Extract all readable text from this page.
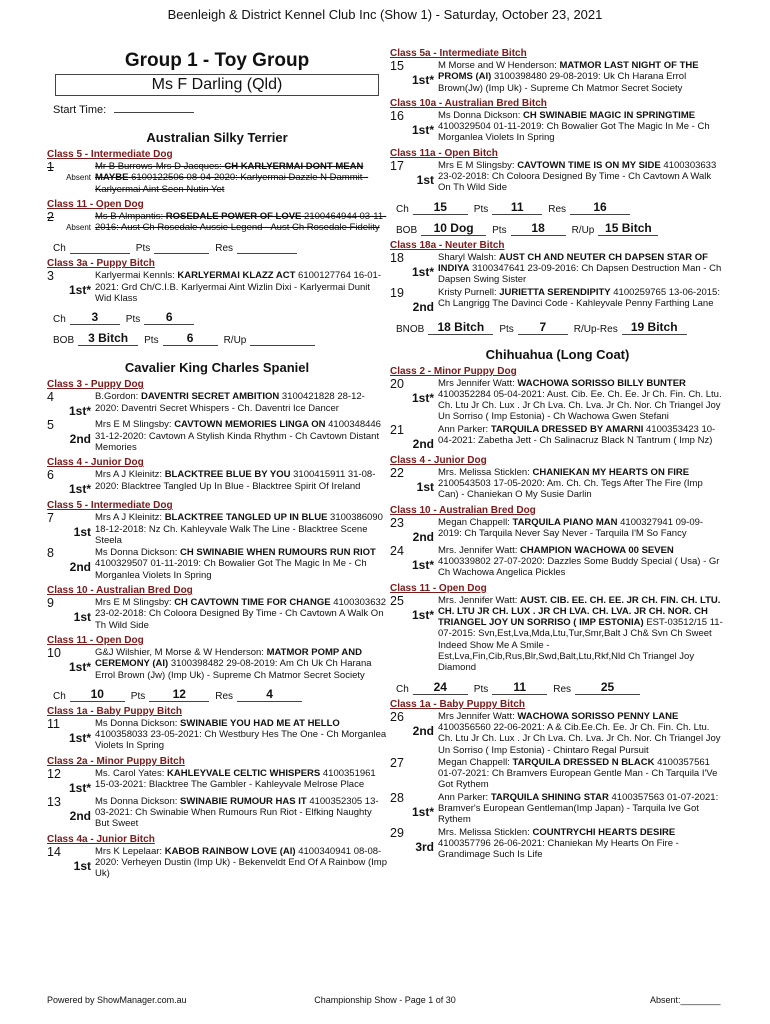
Beenleigh & District Kennel Club Inc (Show 1) - Saturday, October 23, 2021
Group 1 - Toy Group
Ms F Darling (Qld)
Start Time:
Australian Silky Terrier
Class 5 - Intermediate Dog
1
Absent
Mr B Burrows-Mrs D Jacques: CH KARLYERMAI DONT MEAN MAYBE 6100122506 08-04-2020: Karlyermai Dazzle N Dammit - Karlyermai Aint Seen Nutin Yet
Class 11 - Open Dog
2
Absent
Ms B Almpantis: ROSEDALE POWER OF LOVE 2100464944 03-11-2016: Aust Ch Rosedale Aussie Legend - Aust Ch Rosedale Fidelity
Ch
	Pts
	Res

Class 3a - Puppy Bitch
3
1st*
Karlyermai Kennls: KARLYERMAI KLAZZ ACT 6100127764 16-01-2021: Grd Ch/C.I.B. Karlyermai Aint Wizlin Dixi - Karlyermai Dunit Wid Klass
Ch	3	Pts	6
BOB	3 Bitch	Pts	6	R/Up

Cavalier King Charles Spaniel
Class 3 - Puppy Dog
4
1st*
B.Gordon: DAVENTRI SECRET AMBITION 3100421828 28-12-2020: Daventri Secret Whispers - Ch. Daventri Ice Dancer
5
2nd
Mrs E M Slingsby: CAVTOWN MEMORIES LINGA ON 4100348446 31-12-2020: Cavtown A Stylish Kinda Rhythm - Ch Cavtown Distant Memories
Class 4 - Junior Dog
6
1st*
Mrs A J Kleinitz: BLACKTREE BLUE BY YOU 3100415911 31-08-2020: Blacktree Tangled Up In Blue - Blacktree Spirit Of Ireland
Class 5 - Intermediate Dog
7
1st
Mrs A J Kleinitz: BLACKTREE TANGLED UP IN BLUE 3100386090 18-12-2018: Nz Ch. Kahleyvale Walk The Line - Blacktree Scene Steela
8
2nd
Ms Donna Dickson: CH SWINABIE WHEN RUMOURS RUN RIOT 4100329507 01-11-2019: Ch Bowalier Got The Magic In Me - Ch Morganlea Violets In Spring
Class 10 - Australian Bred Dog
9
1st
Mrs E M Slingsby: CH CAVTOWN TIME FOR CHANGE 4100303632 23-02-2018: Ch Coloora Designed By Time - Ch Cavtown A Walk On Th Wild Side
Class 11 - Open Dog
10
1st*
G&J Wilshier, M Morse & W Henderson: MATMOR POMP AND CEREMONY (AI) 3100398482 29-08-2019: Am Ch Uk Ch Harana Errol Brown (Jw) (Imp Uk) - Supreme Ch Matmor Secret Society
Ch	10	Pts	12	Res	4
Class 1a - Baby Puppy Bitch
11
1st*
Ms Donna Dickson: SWINABIE YOU HAD ME AT HELLO 4100358033 23-05-2021: Ch Westbury Hes The One - Ch Morganlea Violets In Spring
Class 2a - Minor Puppy Bitch
12
1st*
Ms. Carol Yates: KAHLEYVALE CELTIC WHISPERS 4100351961 15-03-2021: Blacktree The Gambler - Kahleyvale Melrose Place
13
2nd
Ms Donna Dickson: SWINABIE RUMOUR HAS IT 4100352305 13-03-2021: Ch Swinabie When Rumours Run Riot - Elfking Naughty But Sweet
Class 4a - Junior Bitch
14
1st
Mrs K Lepelaar: KABOB RAINBOW LOVE (AI) 4100340941 08-08-2020: Verheyen Dustin (Imp Uk) - Bekenveldt End Of A Rainbow (Imp Uk)
Class 5a - Intermediate Bitch
15
1st*
M Morse and W Henderson: MATMOR LAST NIGHT OF THE PROMS (AI) 3100398480 29-08-2019: Uk Ch Harana Errol Brown(Jw) (Imp Uk) - Supreme Ch Matmor Secret Society
Class 10a - Australian Bred Bitch
16
1st*
Ms Donna Dickson: CH SWINABIE MAGIC IN SPRINGTIME 4100329504 01-11-2019: Ch Bowalier Got The Magic In Me - Ch Morganlea Violets In Spring
Class 11a - Open Bitch
17
1st
Mrs E M Slingsby: CAVTOWN TIME IS ON MY SIDE 4100303633 23-02-2018: Ch Coloora Designed By Time - Ch Cavtown A Walk On Th Wild Side
Ch	15	Pts	11	Res	16
BOB	10 Dog	Pts	18	R/Up 15 Bitch
Class 18a - Neuter Bitch
18
1st*
Sharyl Walsh: AUST CH AND NEUTER CH DAPSEN STAR OF INDIYA 3100347641 23-09-2016: Ch Dapsen Destruction Man - Ch Dapsen Swing Sister
19
2nd
Kristy Purnell: JURIETTA SERENDIPITY 4100259765 13-06-2015: Ch Langrigg The Davinci Code - Kahleyvale Penny Farthing Lane
BNOB	18 Bitch	Pts	7	R/Up-Res	19 Bitch
Chihuahua (Long Coat)
Class 2 - Minor Puppy Dog
20
1st*
Mrs Jennifer Watt: WACHOWA SORISSO BILLY BUNTER 4100352284 05-04-2021: Aust. Cib. Ee. Ch. Ee. Jr Ch. Fin. Ch. Ltu. Ch. Ltu Jr Ch. Lux . Jr Ch Lva. Ch. Lva. Jr Ch. Nor. Ch Triangel Joy Un Sorriso ( Imp Estonia) - Ch Wachowa Gwen Stefani
21
2nd
Ann Parker: TARQUILA DRESSED BY AMARNI 4100353423 10-04-2021: Zabetha Jett - Ch Salinacruz Black N Tantrum ( Imp Nz)
Class 4 - Junior Dog
22
1st
Mrs. Melissa Sticklen: CHANIEKAN MY HEARTS ON FIRE 2100543503 17-05-2020: Am. Ch. Ch. Tegs After The Fire (Imp Can) - Chaniekan O My Susie Darlin
Class 10 - Australian Bred Dog
23
2nd
Megan Chappell: TARQUILA PIANO MAN 4100327941 09-09-2019: Ch Tarquila Never Say Never - Tarquila I'M So Fancy
24
1st*
Mrs. Jennifer Watt: CHAMPION WACHOWA 00 SEVEN 4100339802 27-07-2020: Dazzles Some Buddy Special ( Usa) - Gr Ch Wachowa Angelica Pickles
Class 11 - Open Dog
25
1st*
Mrs. Jennifer Watt: AUST. CIB. EE. CH. EE. JR CH. FIN. CH. LTU. CH. LTU JR CH. LUX . JR CH LVA. CH. LVA. JR CH. NOR. CH TRIANGEL JOY UN SORRISO ( IMP ESTONIA) EST-03512/15 11-07-2015: Svn,Est,Lva,Mda,Ltu,Tur,Smr,Balt J Ch& Svn Ch Sweet Indeed Show Me A Smile - Est,Lva,Fin,Cib,Rus,Blr,Swd,Balt,Ltu,Rkf,Nld Ch Triangel Joy Diamond
Ch	24	Pts	11	Res	25
Class 1a - Baby Puppy Bitch
26
2nd
Mrs Jennifer Watt: WACHOWA SORISSO PENNY LANE 4100356560 22-06-2021: A & Cib.Ee.Ch. Ee. Jr Ch. Fin. Ch. Ltu. Ch. Ltu Jr Ch. Lux . Jr Ch Lva. Ch. Lva. Jr Ch. Nor. Ch Triangel Joy Un Sorriso ( Imp Estonia) - Chintaro Regal Pursuit
27	Megan Chappell: TARQUILA DRESSED N BLACK 4100357561 01-07-2021: Ch Bramvers European Gentle Man - Ch Tarquila I'Ve Got Rythem
28
1st*
Ann Parker: TARQUILA SHINING STAR 4100357563 01-07-2021: Bramver's European Gentleman(Imp Japan) - Tarquila Ive Got Rythem
29
3rd
Mrs. Melissa Sticklen: COUNTRYCHI HEARTS DESIRE 4100357796 26-06-2021: Chaniekan My Hearts On Fire - Grandimage Such Is Life
Powered by ShowManager.com.au	Championship Show - Page 1 of 30	Absent:________
